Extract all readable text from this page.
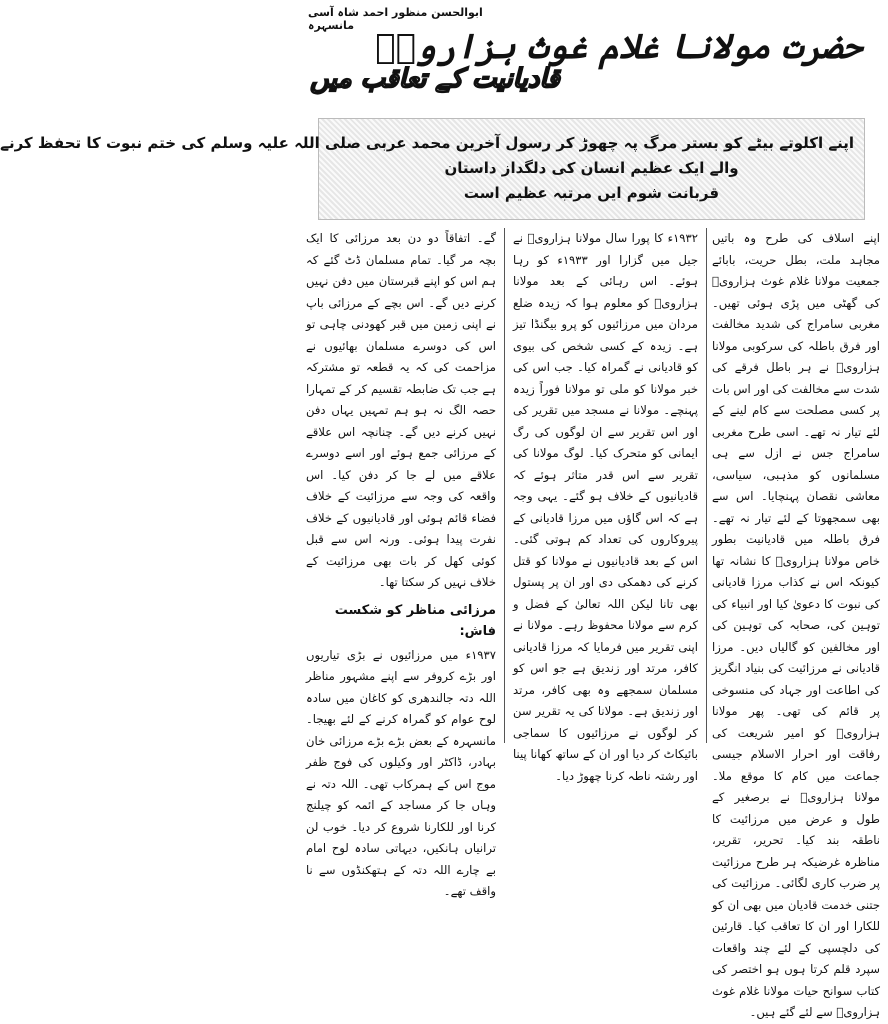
ابوالحسن منظور احمد شاہ آسی مانسہرہ
حضرت مولانا غلام غوث ہزارویؒ
قادیانیت کے تعاقب میں

اپنے اکلوتے بیٹے کو بستر مرگ پہ چھوڑ کر رسول آخرین محمد عربی صلی اللہ علیہ وسلم کی ختم نبوت کا تحفظ کرنے

والے ایک عظیم انسان کی دلگداز داستان

قربانت شوم ایں مرتبہ عظیم است

اپنے اسلاف کی طرح وہ باتیں مجاہد ملت، بطل حریت، بابائے جمعیت مولانا غلام غوث ہزارویؒ کی گھٹی میں پڑی ہوئی تھیں۔ مغربی سامراج کی شدید مخالفت اور فرق باطلہ کی سرکوبی مولانا ہزارویؒ نے ہر باطل فرقے کی شدت سے مخالفت کی اور اس بات پر کسی مصلحت سے کام لینے کے لئے تیار نہ تھے۔ اسی طرح مغربی سامراج جس نے ازل سے ہی مسلمانوں کو مذہبی، سیاسی، معاشی نقصان پہنچایا۔ اس سے بھی سمجھوتا کے لئے تیار نہ تھے۔ فرق باطلہ میں قادیانیت بطور خاص مولانا ہزارویؒ کا نشانہ تھا کیونکہ اس نے کذاب مرزا قادیانی کی نبوت کا دعویٰ کیا اور انبیاء کی توہین کی، صحابہ کی توہین کی اور مخالفین کو گالیاں دیں۔ مرزا قادیانی نے مرزائیت کی بنیاد انگریز کی اطاعت اور جہاد کی منسوخی پر قائم کی تھی۔ پھر مولانا ہزارویؒ کو امیر شریعت کی رفاقت اور احرار الاسلام جیسی جماعت میں کام کا موقع ملا۔ مولانا ہزارویؒ نے برصغیر کے طول و عرض میں مرزائیت کا ناطقہ بند کیا۔ تحریر، تقریر، مناظرہ غرضیکہ ہر طرح مرزائیت پر ضرب کاری لگائی۔ مرزائیت کی جتنی خدمت قادیان میں بھی ان کو للکارا اور ان کا تعاقب کیا۔ قارئین کی دلچسپی کے لئے چند واقعات سپرد قلم کرتا ہوں ہو اختصر کی کتاب سوانح حیات مولانا غلام غوث ہزارویؒ سے لئے گئے ہیں۔

۱۹۳۲ء کا پورا سال مولانا ہزارویؒ نے جیل میں گزارا اور ۱۹۳۳ء کو رہا ہوئے۔ اس رہائی کے بعد مولانا ہزارویؒ کو معلوم ہوا کہ زیدہ ضلع مردان میں مرزائیوں کو پرو بیگنڈا تیز ہے۔ زیدہ کے کسی شخص کی بیوی کو قادیانی نے گمراہ کیا۔ جب اس کی خبر مولانا کو ملی تو مولانا فوراً زیدہ پہنچے۔ مولانا نے مسجد میں تقریر کی اور اس تقریر سے ان لوگوں کی رگ ایمانی کو متحرک کیا۔ لوگ مولانا کی تقریر سے اس قدر متاثر ہوئے کہ قادیانیوں کے خلاف ہو گئے۔ یہی وجہ ہے کہ اس گاؤں میں مرزا قادیانی کے پیروکاروں کی تعداد کم ہوتی گئی۔ اس کے بعد قادیانیوں نے مولانا کو قتل کرنے کی دھمکی دی اور ان پر پستول بھی تانا لیکن اللہ تعالیٰ کے فضل و کرم سے مولانا محفوظ رہے۔ مولانا نے اپنی تقریر میں فرمایا کہ مرزا قادیانی کافر، مرتد اور زندیق ہے جو اس کو مسلمان سمجھے وہ بھی کافر، مرتد اور زندیق ہے۔ مولانا کی یہ تقریر سن کر لوگوں نے مرزائیوں کا سماجی بائیکاٹ کر دیا اور ان کے ساتھ کھانا پینا اور رشتہ ناطہ کرنا چھوڑ دیا۔

گے۔ اتفاقاً دو دن بعد مرزائی کا ایک بچہ مر گیا۔ تمام مسلمان ڈٹ گئے کہ ہم اس کو اپنے قبرستان میں دفن نہیں کرنے دیں گے۔ اس بچے کے مرزائی باپ نے اپنی زمین میں قبر کھودنی چاہی تو اس کی دوسرے مسلمان بھائیوں نے مزاحمت کی کہ یہ قطعہ تو مشترکہ ہے جب تک ضابطہ تقسیم کر کے تمہارا حصہ الگ نہ ہو ہم تمہیں یہاں دفن نہیں کرنے دیں گے۔ چنانچہ اس علاقے کے مرزائی جمع ہوئے اور اسے دوسرے علاقے میں لے جا کر دفن کیا۔ اس واقعہ کی وجہ سے مرزائیت کے خلاف فضاء قائم ہوئی اور قادیانیوں کے خلاف نفرت پیدا ہوئی۔ ورنہ اس سے قبل کوئی کھل کر بات بھی مرزائیت کے خلاف نہیں کر سکتا تھا۔

مرزائی مناظر کو شکست فاش:

۱۹۳۷ء میں مرزائیوں نے بڑی تیاریوں اور بڑے کروفر سے اپنے مشہور مناظر اللہ دتہ جالندھری کو کاغان میں سادہ لوح عوام کو گمراہ کرنے کے لئے بھیجا۔ مانسہرہ کے بعض بڑے بڑے مرزائی خان بہادر، ڈاکٹر اور وکیلوں کی فوج ظفر موج اس کے ہمرکاب تھی۔ اللہ دتہ نے وہاں جا کر مساجد کے ائمہ کو چیلنج کرنا اور للکارنا شروع کر دیا۔ خوب لن ترانیاں ہانکیں، دیہاتی سادہ لوح امام بے چارے اللہ دتہ کے ہتھکنڈوں سے نا واقف تھے۔
